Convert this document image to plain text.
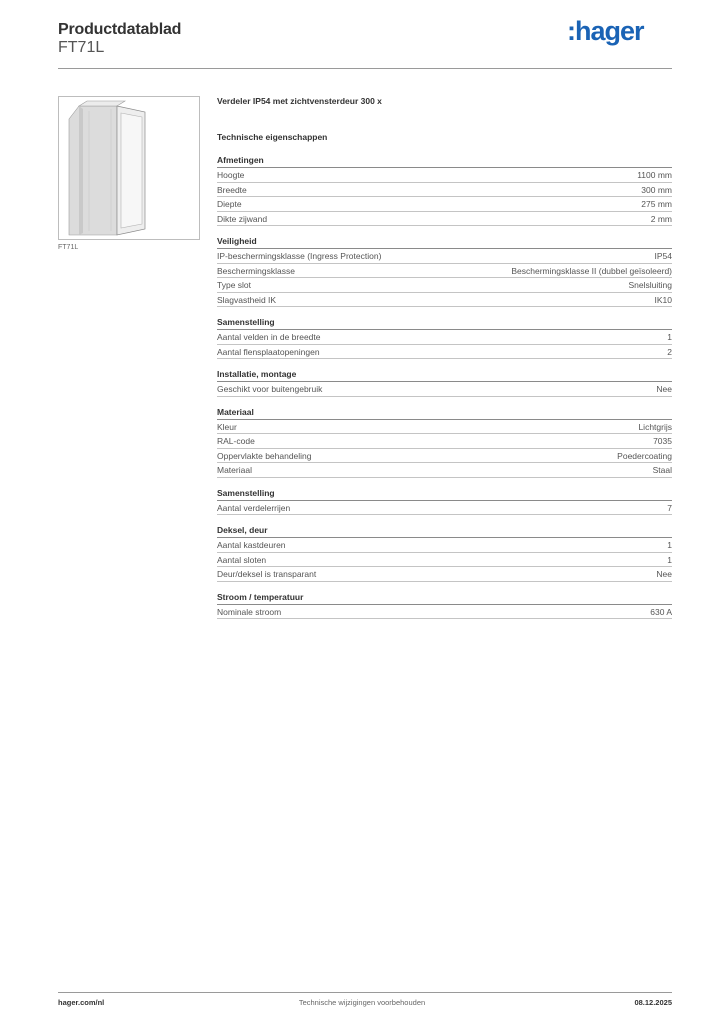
Productdatablad
FT71L
:hager
FT71L
Verdeler IP54 met zichtvensterdeur 300 x
Technische eigenschappen
Afmetingen
Hoogte	1100 mm
Breedte	300 mm
Diepte	275 mm
Dikte zijwand	2 mm
Veiligheid
IP-beschermingsklasse (Ingress Protection)	IP54
Beschermingsklasse	Beschermingsklasse II (dubbel geïsoleerd)
Type slot	Snelsluiting
Slagvastheid IK	IK10
Samenstelling
Aantal velden in de breedte	1
Aantal flensplaatopeningen	2
Installatie, montage
Geschikt voor buitengebruik	Nee
Materiaal
Kleur	Lichtgrijs
RAL-code	7035
Oppervlakte behandeling	Poedercoating
Materiaal	Staal
Samenstelling
Aantal verdelerrijen	7
Deksel, deur
Aantal kastdeuren	1
Aantal sloten	1
Deur/deksel is transparant	Nee
Stroom / temperatuur
Nominale stroom	630 A
hager.com/nl	Technische wijzigingen voorbehouden	08.12.2025
